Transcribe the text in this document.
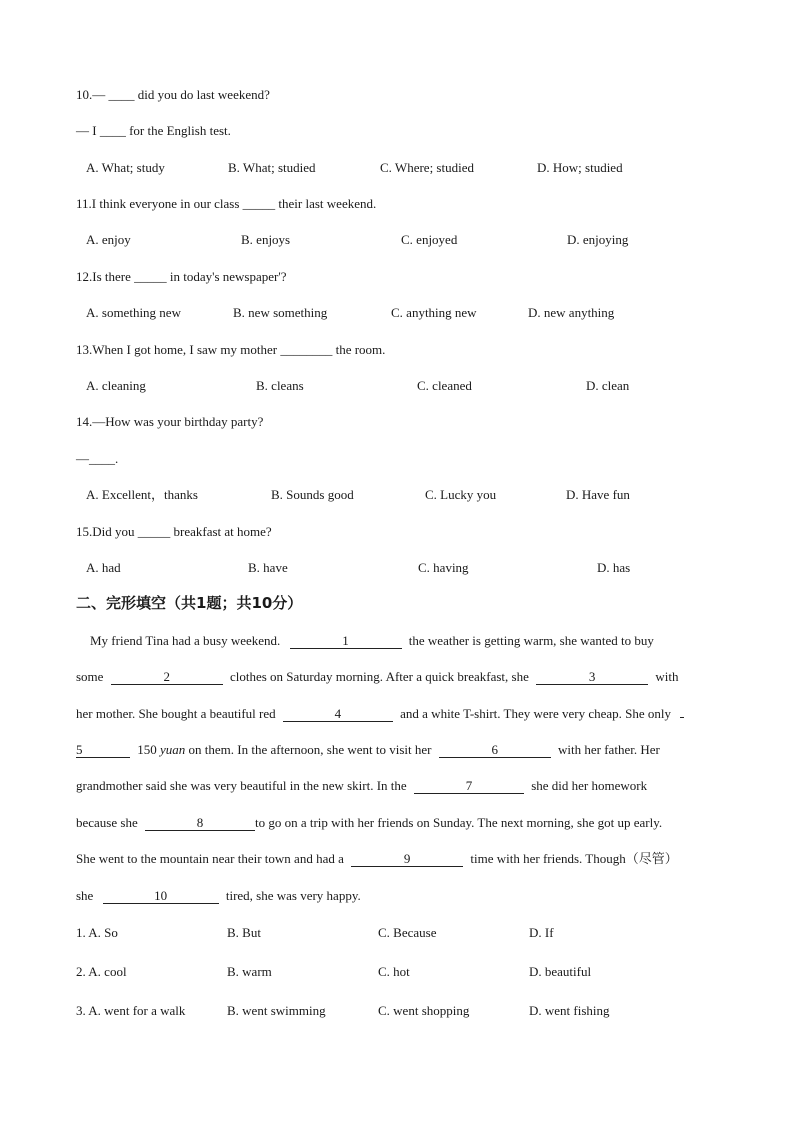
10.— ____ did you do last weekend?
— I ____ for the English test.
A. What; study	B. What; studied	C. Where; studied	D. How; studied
11.I think everyone in our class _____ their last weekend.
A. enjoy	B. enjoys	C. enjoyed	D. enjoying
12.Is there _____ in today's newspaper'?
A. something new	B. new something	C. anything new	D. new anything
13.When I got home, I saw my mother ________ the room.
A. cleaning	B. cleans	C. cleaned	D. clean
14.—How was your birthday party?
—____.
A. Excellent，thanks	B. Sounds good	C. Lucky you	D. Have fun
15.Did you _____ breakfast at home?
A. had	B. have	C. having	D. has
二、完形填空（共1题；共10分）
My friend Tina had a busy weekend.	1	the weather is getting warm, she wanted to buy
some	2	clothes on Saturday morning. After a quick breakfast, she	3	with
her mother. She bought a beautiful red	4	and a white T-shirt. They were very cheap. She only
5	150 yuan on them. In the afternoon, she went to visit her	6	with her father. Her
grandmother said she was very beautiful in the new skirt. In the	7	she did her homework
because she	8	to go on a trip with her friends on Sunday. The next morning, she got up early.
She went to the mountain near their town and had a	9	time with her friends. Though（尽管）
she	10	tired, she was very happy.
1. A. So	B. But	C. Because	D. If
2. A. cool	B. warm	C. hot	D. beautiful
3. A. went for a walk	B. went swimming	C. went shopping	D. went fishing
